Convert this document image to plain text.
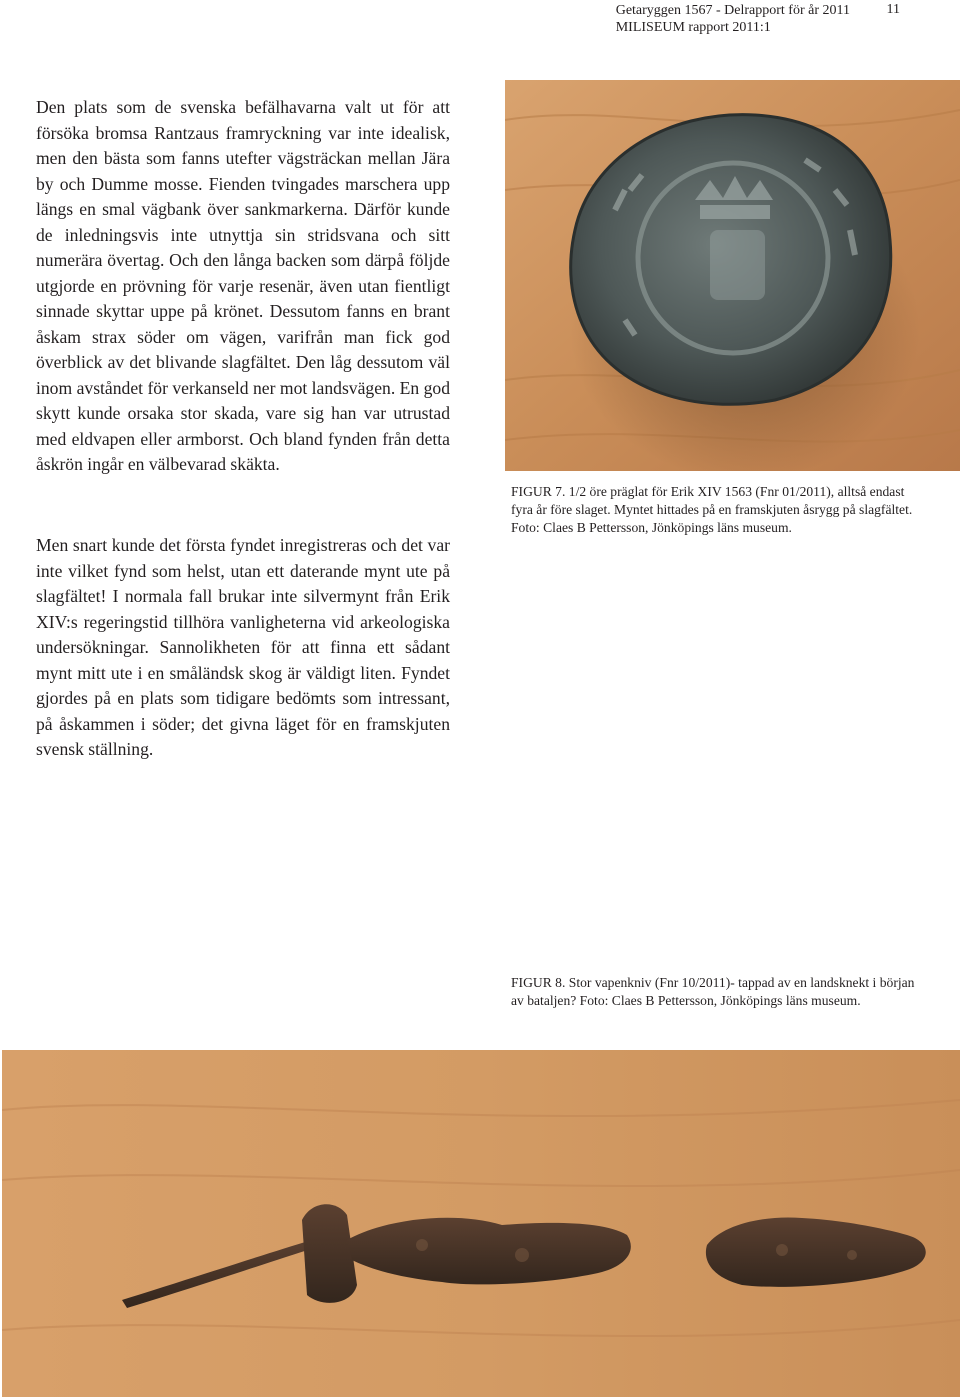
Getaryggen 1567 - Delrapport för år 2011
MILISEUM rapport 2011:1
11

Den plats som de svenska befälhavarna valt ut för att försöka bromsa Rantzaus framryckning var inte idealisk, men den bästa som fanns utefter vägsträckan mellan Jära by och Dumme mosse. Fienden tvingades marschera upp längs en smal vägbank över sankmarkerna. Därför kunde de inledningsvis inte utnyttja sin stridsvana och sitt numerära övertag. Och den långa backen som därpå följde utgjorde en prövning för varje resenär, även utan fientligt sinnade skyttar uppe på krönet. Dessutom fanns en brant åskam strax söder om vägen, varifrån man fick god överblick av det blivande slagfältet. Den låg dessutom väl inom avståndet för verkanseld ner mot landsvägen. En god skytt kunde orsaka stor skada, vare sig han var utrustad med eldvapen eller armborst. Och bland fynden från detta åskrön ingår en välbevarad skäkta.

Men snart kunde det första fyndet inregistreras och det var inte vilket fynd som helst, utan ett daterande mynt ute på slagfältet! I normala fall brukar inte silvermynt från Erik XIV:s regeringstid tillhöra vanligheterna vid arkeologiska undersökningar. Sannolikheten för att finna ett sådant mynt mitt ute i en småländsk skog är väldigt liten. Fyndet gjordes på en plats som tidigare bedömts som intressant, på åskammen i söder; det givna läget för en framskjuten svensk ställning.

FIGUR 7. 1/2 öre präglat för Erik XIV 1563 (Fnr 01/2011), alltså endast fyra år före slaget. Myntet hittades på en framskjuten åsrygg på slagfältet. Foto: Claes B Pettersson, Jönköpings läns museum.

FIGUR 8. Stor vapenkniv (Fnr 10/2011)- tappad av en landsknekt i början av bataljen? Foto: Claes B Pettersson, Jönköpings läns museum.
